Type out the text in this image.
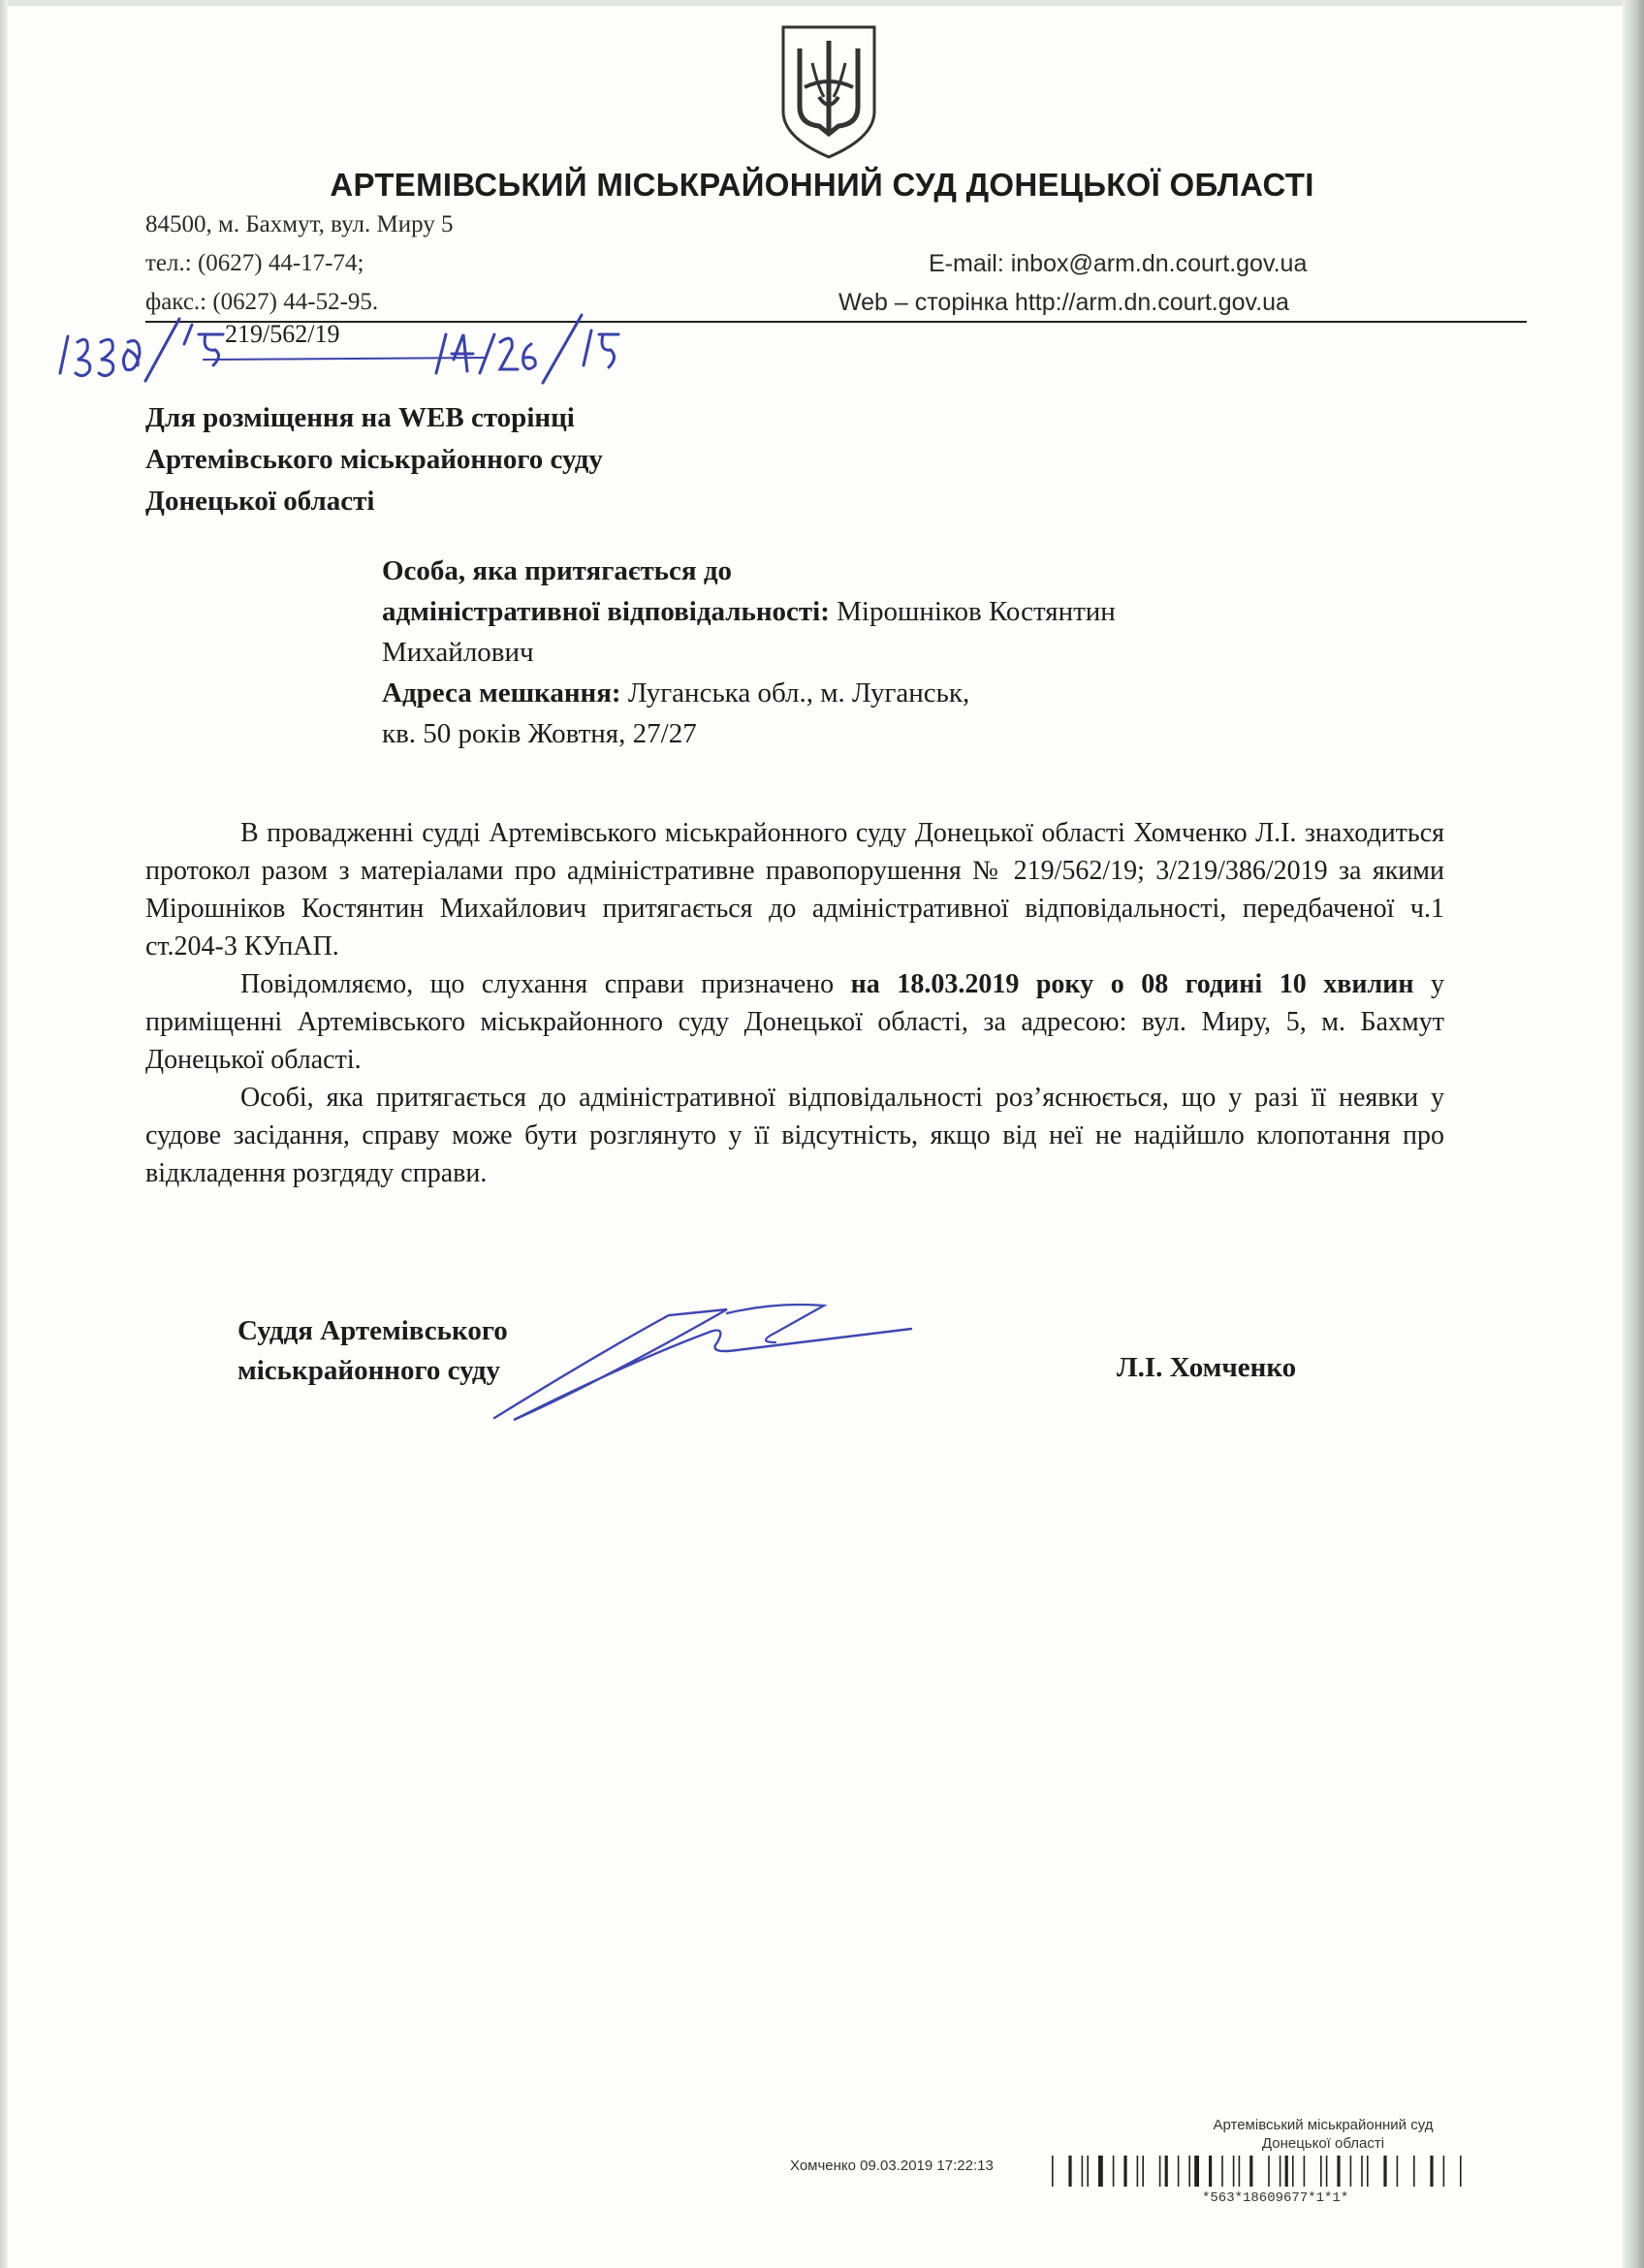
АРТЕМІВСЬКИЙ МІСЬКРАЙОННИЙ СУД ДОНЕЦЬКОЇ ОБЛАСТІ
84500, м. Бахмут, вул. Миру 5
тел.: (0627) 44-17-74;
факс.: (0627) 44-52-95.
E-mail: inbox@arm.dn.court.gov.ua
Web – сторінка http://arm.dn.court.gov.ua
219/562/19
Для розміщення на WEB сторінці
Артемівського міськрайонного суду
Донецької області
Особа, яка притягається до
адміністративної відповідальності: Мірошніков Костянтин
Михайлович
Адреса мешкання: Луганська обл., м. Луганськ,
кв. 50 років Жовтня, 27/27

В провадженні судді Артемівського міськрайонного суду Донецької області Хомченко Л.І. знаходиться протокол разом з матеріалами про адміністративне правопорушення № 219/562/19; 3/219/386/2019 за якими Мірошніков Костянтин Михайлович притягається до адміністративної відповідальності, передбаченої ч.1 ст.204-3 КУпАП.

Повідомляємо, що слухання справи призначено на 18.03.2019 року о 08 годині 10 хвилин у приміщенні Артемівського міськрайонного суду Донецької області, за адресою: вул. Миру, 5, м. Бахмут Донецької області.

Особі, яка притягається до адміністративної відповідальності роз’яснюється, що у разі її неявки у судове засідання, справу може бути розглянуто у її відсутність, якщо від неї не надійшло клопотання про відкладення розгдяду справи.

Суддя Артемівського
міськрайонного суду	Л.І. Хомченко
Артемівський міськрайонний суд
Донецької області
Хомченко 09.03.2019 17:22:13
*563*18609677*1*1*
